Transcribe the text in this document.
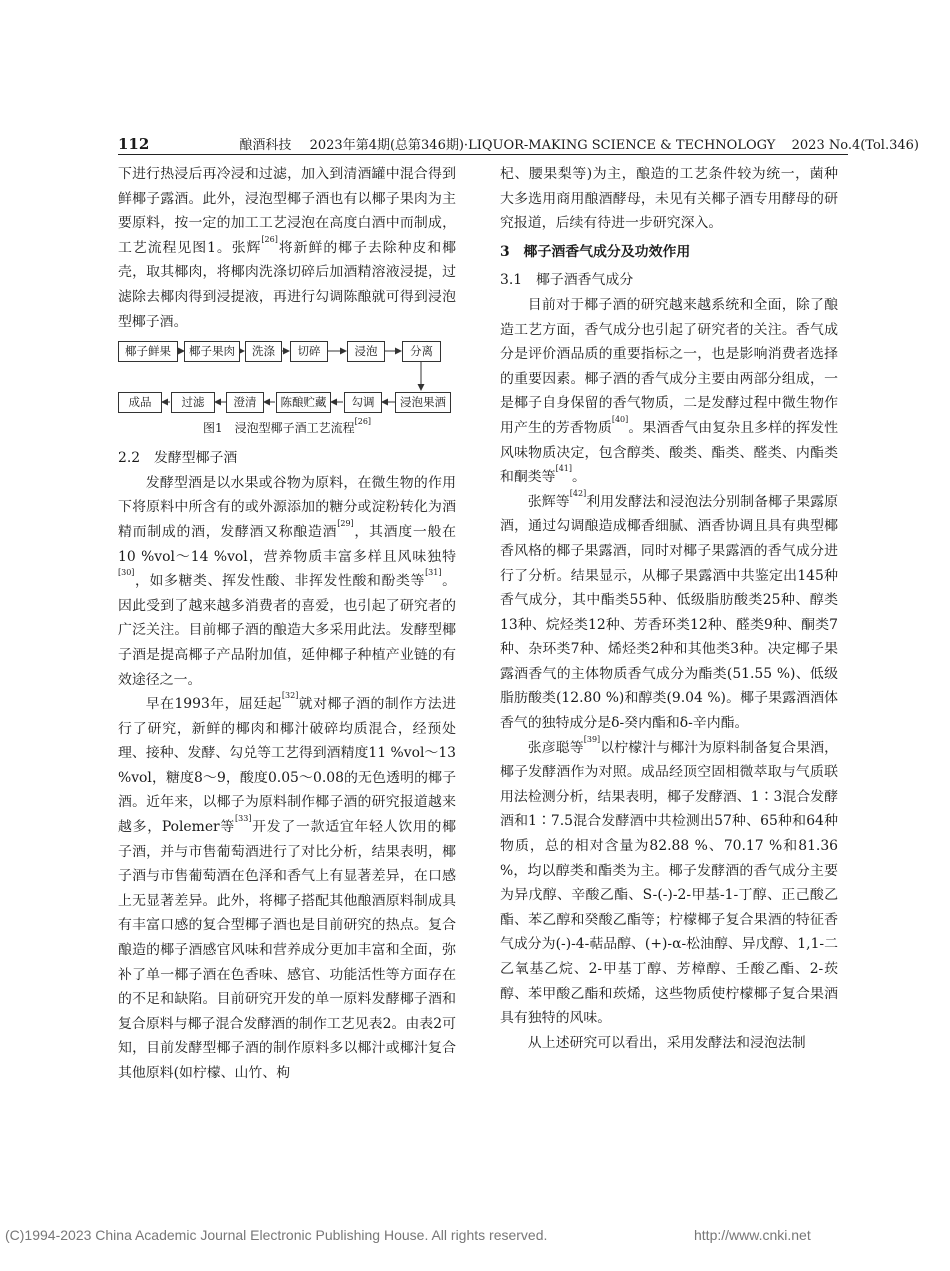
112	酿酒科技 2023年第4期(总第346期)·LIQUOR-MAKING SCIENCE & TECHNOLOGY 2023 No.4(Tol.346)

下进行热浸后再冷浸和过滤，加入到清酒罐中混合得到鲜椰子露酒。此外，浸泡型椰子酒也有以椰子果肉为主要原料，按一定的加工工艺浸泡在高度白酒中而制成，工艺流程见图1。张辉[26]将新鲜的椰子去除种皮和椰壳，取其椰肉，将椰肉洗涤切碎后加酒精溶液浸提，过滤除去椰肉得到浸提液，再进行勾调陈酿就可得到浸泡型椰子酒。

椰子鲜果	椰子果肉	洗涤	切碎	浸泡	分离
浸泡果酒
勾调
陈酿贮藏
澄清
过滤
成品
图1　浸泡型椰子酒工艺流程[26]

2.2　发酵型椰子酒

发酵型酒是以水果或谷物为原料，在微生物的作用下将原料中所含有的或外源添加的糖分或淀粉转化为酒精而制成的酒，发酵酒又称酿造酒[29]，其酒度一般在10 %vol～14 %vol，营养物质丰富多样且风味独特[30]，如多糖类、挥发性酸、非挥发性酸和酚类等[31]。因此受到了越来越多消费者的喜爱，也引起了研究者的广泛关注。目前椰子酒的酿造大多采用此法。发酵型椰子酒是提高椰子产品附加值，延伸椰子种植产业链的有效途径之一。

早在1993年，屈廷起[32]就对椰子酒的制作方法进行了研究，新鲜的椰肉和椰汁破碎均质混合，经预处理、接种、发酵、勾兑等工艺得到酒精度11 %vol～13 %vol，糖度8～9，酸度0.05～0.08的无色透明的椰子酒。近年来，以椰子为原料制作椰子酒的研究报道越来越多，Polemer等[33]开发了一款适宜年轻人饮用的椰子酒，并与市售葡萄酒进行了对比分析，结果表明，椰子酒与市售葡萄酒在色泽和香气上有显著差异，在口感上无显著差异。此外，将椰子搭配其他酿酒原料制成具有丰富口感的复合型椰子酒也是目前研究的热点。复合酿造的椰子酒感官风味和营养成分更加丰富和全面，弥补了单一椰子酒在色香味、感官、功能活性等方面存在的不足和缺陷。目前研究开发的单一原料发酵椰子酒和复合原料与椰子混合发酵酒的制作工艺见表2。由表2可知，目前发酵型椰子酒的制作原料多以椰汁或椰汁复合其他原料(如柠檬、山竹、枸

杞、腰果梨等)为主，酿造的工艺条件较为统一，菌种大多选用商用酿酒酵母，未见有关椰子酒专用酵母的研究报道，后续有待进一步研究深入。

3　椰子酒香气成分及功效作用

3.1　椰子酒香气成分

目前对于椰子酒的研究越来越系统和全面，除了酿造工艺方面，香气成分也引起了研究者的关注。香气成分是评价酒品质的重要指标之一，也是影响消费者选择的重要因素。椰子酒的香气成分主要由两部分组成，一是椰子自身保留的香气物质，二是发酵过程中微生物作用产生的芳香物质[40]。果酒香气由复杂且多样的挥发性风味物质决定，包含醇类、酸类、酯类、醛类、内酯类和酮类等[41]。

张辉等[42]利用发酵法和浸泡法分别制备椰子果露原酒，通过勾调酿造成椰香细腻、酒香协调且具有典型椰香风格的椰子果露酒，同时对椰子果露酒的香气成分进行了分析。结果显示，从椰子果露酒中共鉴定出145种香气成分，其中酯类55种、低级脂肪酸类25种、醇类13种、烷烃类12种、芳香环类12种、醛类9种、酮类7种、杂环类7种、烯烃类2种和其他类3种。决定椰子果露酒香气的主体物质香气成分为酯类(51.55 %)、低级脂肪酸类(12.80 %)和醇类(9.04 %)。椰子果露酒酒体香气的独特成分是δ-癸内酯和δ-辛内酯。

张彦聪等[39]以柠檬汁与椰汁为原料制备复合果酒，椰子发酵酒作为对照。成品经顶空固相微萃取与气质联用法检测分析，结果表明，椰子发酵酒、1∶3混合发酵酒和1∶7.5混合发酵酒中共检测出57种、65种和64种物质，总的相对含量为82.88 %、70.17 %和81.36 %，均以醇类和酯类为主。椰子发酵酒的香气成分主要为异戊醇、辛酸乙酯、S-(-)-2-甲基-1-丁醇、正己酸乙酯、苯乙醇和癸酸乙酯等；柠檬椰子复合果酒的特征香气成分为(-)-4-萜品醇、(+)-α-松油醇、异戊醇、1,1-二乙氧基乙烷、2-甲基丁醇、芳樟醇、壬酸乙酯、2-莰醇、苯甲酸乙酯和莰烯，这些物质使柠檬椰子复合果酒具有独特的风味。

从上述研究可以看出，采用发酵法和浸泡法制

(C)1994-2023 China Academic Journal Electronic Publishing House. All rights reserved.	http://www.cnki.net
